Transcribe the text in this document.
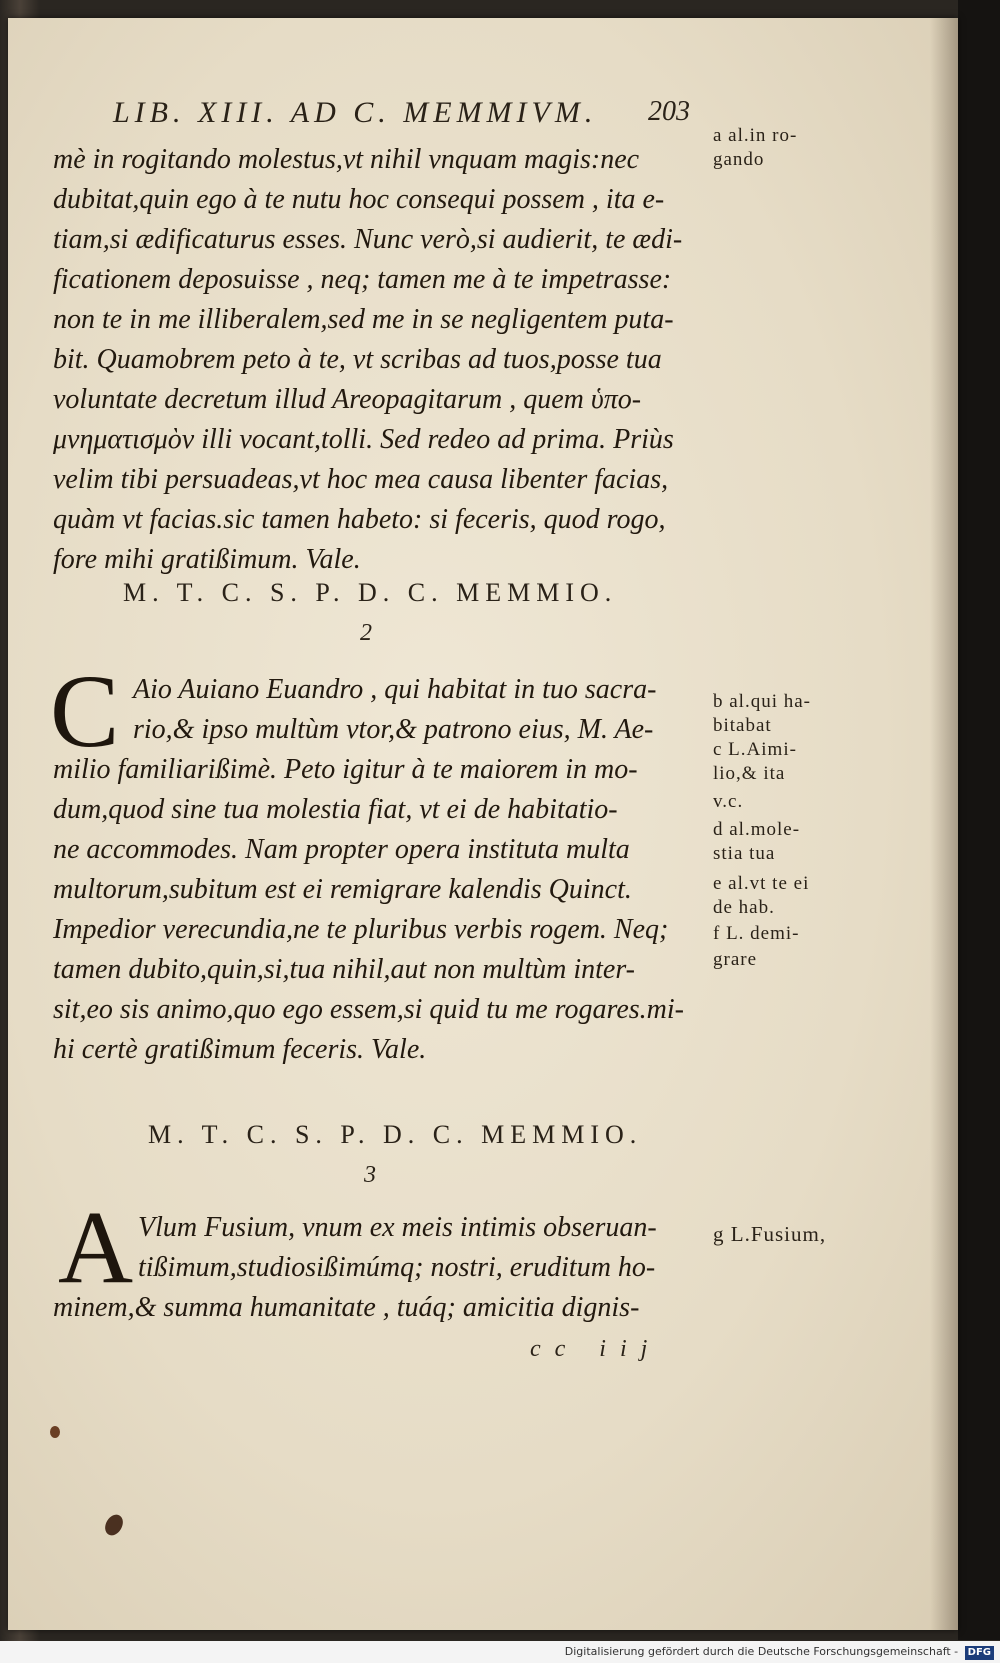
LIB. XIII. AD C. MEMMIVM.	203
mè in rogitando molestus,vt nihil vnquam magis:nec
dubitat,quin ego à te nutu hoc consequi possem , ita e-
tiam,si ædificaturus esses. Nunc verò,si audierit, te ædi-
ficationem deposuisse , neq; tamen me à te impetrasse:
non te in me illiberalem,sed me in se negligentem puta-
bit. Quamobrem peto à te, vt scribas ad tuos,posse tua
voluntate decretum illud Areopagitarum , quem ὑπο-
μνηματισμὸν illi vocant,tolli. Sed redeo ad prima. Priùs
velim tibi persuadeas,vt hoc mea causa libenter facias,
quàm vt facias.sic tamen habeto: si feceris, quod rogo,
fore mihi gratißimum. Vale.
a al.in ro-
gando
M. T. C. S. P. D. C. MEMMIO.
2
C Aio Auiano Euandro , qui habitat in tuo sacra-
rio,& ipso multùm vtor,& patrono eius, M. Ae-
milio familiarißimè. Peto igitur à te maiorem in mo-
dum,quod sine tua molestia fiat, vt ei de habitatio-
ne accommodes. Nam propter opera instituta multa
multorum,subitum est ei remigrare kalendis Quinct.
Impedior verecundia,ne te pluribus verbis rogem. Neq;
tamen dubito,quin,si,tua nihil,aut non multùm inter-
sit,eo sis animo,quo ego essem,si quid tu me rogares.mi-
hi certè gratißimum feceris. Vale.
b al.qui ha-
bitabat
c L.Aimi-
lio,& ita
v.c.
d al.mole-
stia tua
e al.vt te ei
de hab.
f L. demi-
grare
M. T. C. S. P. D. C. MEMMIO.
3
A Vlum Fusium, vnum ex meis intimis obseruan-
tißimum,studiosißimúmq; nostri, eruditum ho-
minem,& summa humanitate , tuáq; amicitia dignis-
g L.Fusium,
cc iij
Digitalisierung gefördert durch die Deutsche Forschungsgemeinschaft - DFG
